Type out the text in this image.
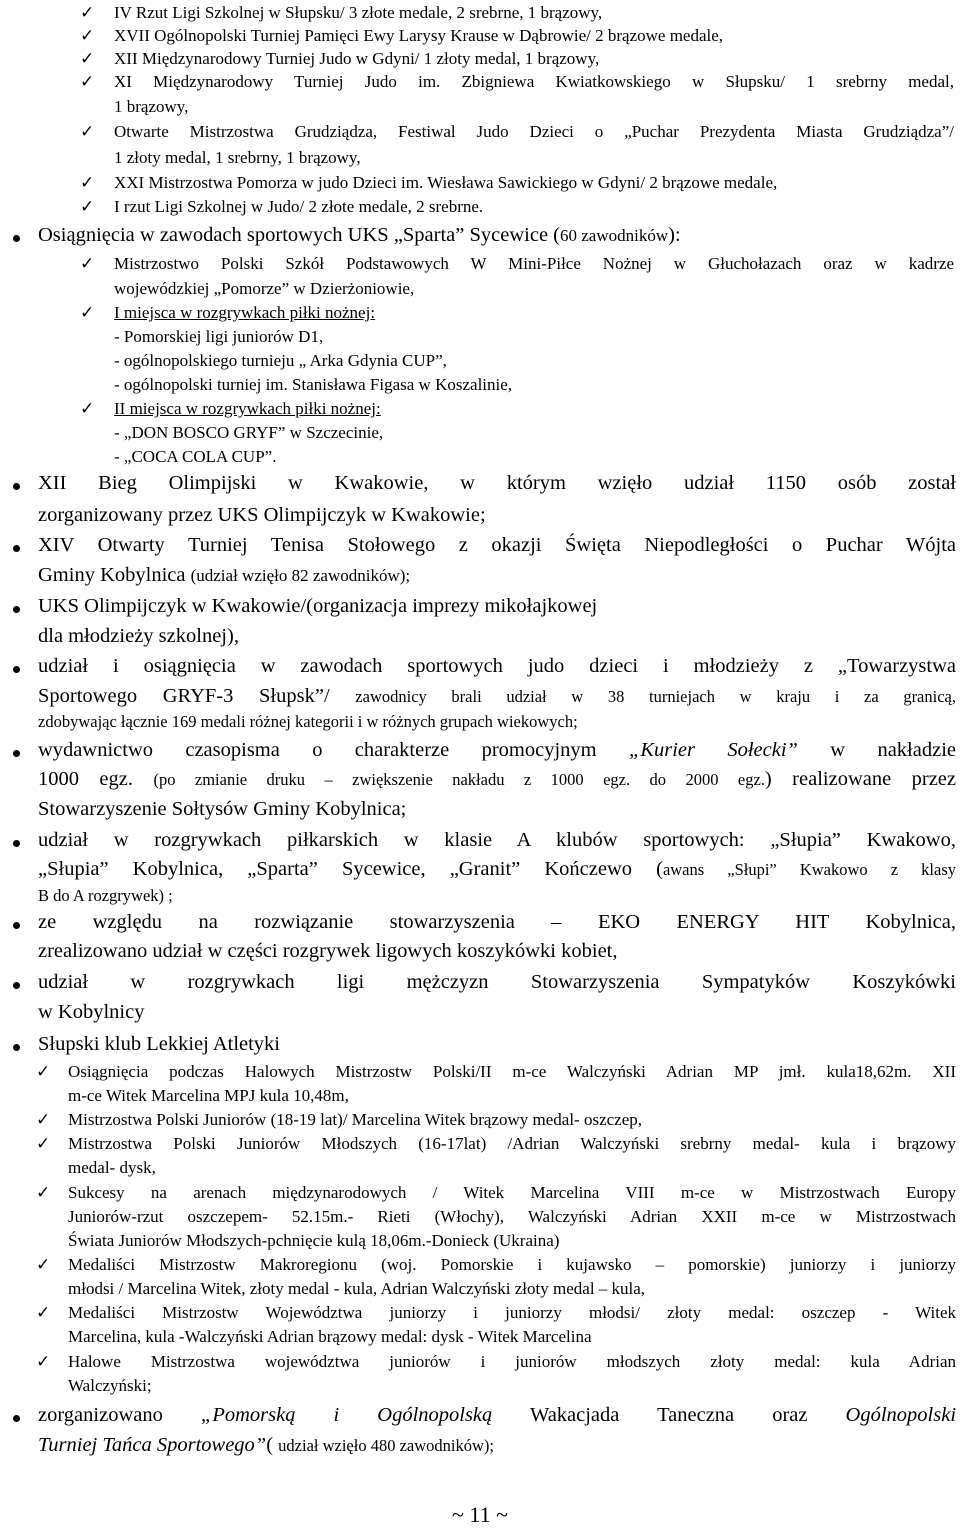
✓ IV Rzut Ligi Szkolnej w Słupsku/ 3 złote medale, 2 srebrne, 1 brązowy,
✓ XVII Ogólnopolski Turniej Pamięci Ewy Larysy Krause w Dąbrowie/ 2 brązowe medale,
✓ XII Międzynarodowy Turniej Judo w Gdyni/ 1 złoty medal, 1 brązowy,
✓ XI Międzynarodowy Turniej Judo im. Zbigniewa Kwiatkowskiego w Słupsku/ 1 srebrny medal,
1 brązowy,
✓ Otwarte Mistrzostwa Grudziądza, Festiwal Judo Dzieci o „Puchar Prezydenta Miasta Grudziądza”/
1 złoty medal, 1 srebrny, 1 brązowy,
✓ XXI Mistrzostwa Pomorza w judo Dzieci im. Wiesława Sawickiego w Gdyni/ 2 brązowe medale,
✓ I rzut Ligi Szkolnej w Judo/ 2 złote medale, 2 srebrne.
Osiągnięcia w zawodach sportowych UKS „Sparta” Sycewice (60 zawodników):
✓ Mistrzostwo Polski Szkół Podstawowych W Mini-Piłce Nożnej w Głuchołazach oraz w kadrze
wojewódzkiej „Pomorze” w Dzierżoniowie,
✓ I miejsca w rozgrywkach piłki nożnej:
- Pomorskiej ligi juniorów D1,
- ogólnopolskiego turnieju „ Arka Gdynia CUP”,
- ogólnopolski turniej im. Stanisława Figasa w Koszalinie,
✓ II miejsca w rozgrywkach piłki nożnej:
- „DON BOSCO GRYF” w Szczecinie,
- „COCA COLA CUP”.
XII Bieg Olimpijski w Kwakowie, w którym wzięło udział 1150 osób został
zorganizowany przez UKS Olimpijczyk w Kwakowie;
XIV Otwarty Turniej Tenisa Stołowego z okazji Święta Niepodległości o Puchar Wójta
Gminy Kobylnica (udział wzięło 82 zawodników);
UKS Olimpijczyk w Kwakowie/(organizacja imprezy mikołajkowej
dla młodzieży szkolnej),
udział i osiągnięcia w zawodach sportowych judo dzieci i młodzieży z „Towarzystwa
Sportowego GRYF-3 Słupsk”/ zawodnicy brali udział w 38 turniejach w kraju i za granicą,
zdobywając łącznie 169 medali różnej kategorii i w różnych grupach wiekowych;
wydawnictwo czasopisma o charakterze promocyjnym „Kurier Sołecki” w nakładzie
1000 egz. (po zmianie druku – zwiększenie nakładu z 1000 egz. do 2000 egz.) realizowane przez
Stowarzyszenie Sołtysów Gminy Kobylnica;
udział w rozgrywkach piłkarskich w klasie A klubów sportowych: „Słupia” Kwakowo,
„Słupia” Kobylnica, „Sparta” Sycewice, „Granit” Kończewo (awans „Słupi” Kwakowo z klasy
B do A rozgrywek) ;
ze względu na rozwiązanie stowarzyszenia – EKO ENERGY HIT Kobylnica,
zrealizowano udział w części rozgrywek ligowych koszykówki kobiet,
udział w rozgrywkach ligi mężczyzn Stowarzyszenia Sympatyków Koszykówki
w Kobylnicy
Słupski klub Lekkiej Atletyki
✓ Osiągnięcia podczas Halowych Mistrzostw Polski/II m-ce Walczyński Adrian MP jmł. kula18,62m. XII
m-ce Witek Marcelina MPJ kula 10,48m,
✓ Mistrzostwa Polski Juniorów (18-19 lat)/ Marcelina Witek brązowy medal- oszczep,
✓ Mistrzostwa Polski Juniorów Młodszych (16-17lat) /Adrian Walczyński srebrny medal- kula i brązowy
medal- dysk,
✓ Sukcesy na arenach międzynarodowych / Witek Marcelina VIII m-ce w Mistrzostwach Europy
Juniorów-rzut oszczepem- 52.15m.- Rieti (Włochy), Walczyński Adrian XXII m-ce w Mistrzostwach
Świata Juniorów Młodszych-pchnięcie kulą 18,06m.-Donieck (Ukraina)
✓ Medaliści Mistrzostw Makroregionu (woj. Pomorskie i kujawsko – pomorskie) juniorzy i juniorzy
młodsi / Marcelina Witek, złoty medal - kula, Adrian Walczyński złoty medal – kula,
✓ Medaliści Mistrzostw Województwa juniorzy i juniorzy młodsi/ złoty medal: oszczep - Witek
Marcelina, kula -Walczyński Adrian brązowy medal: dysk - Witek Marcelina
✓ Halowe Mistrzostwa województwa juniorów i juniorów młodszych złoty medal: kula Adrian
Walczyński;
zorganizowano „Pomorską i Ogólnopolską Wakacjada Taneczna oraz Ogólnopolski
Turniej Tańca Sportowego”( udział wzięło 480 zawodników);
~ 11 ~
